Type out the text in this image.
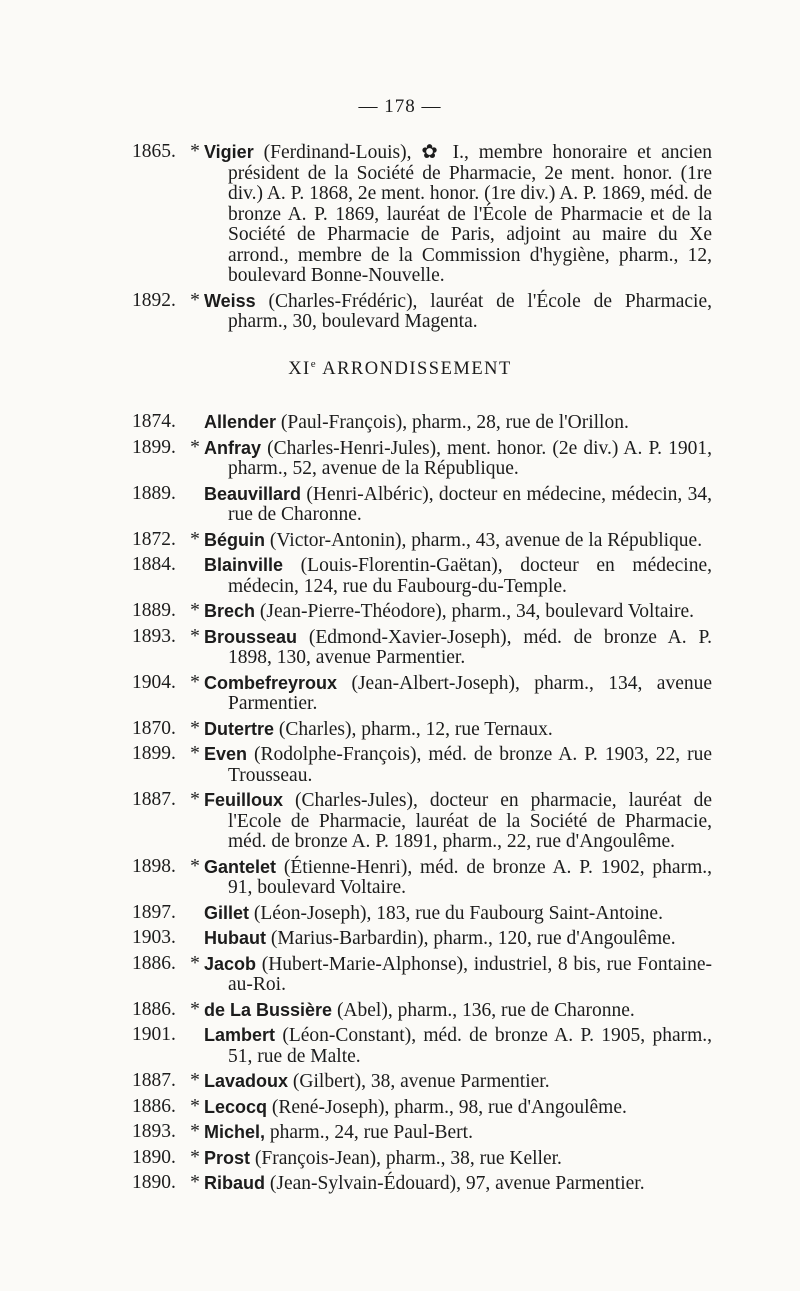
— 178 —
1865. * Vigier (Ferdinand-Louis), ✿ I., membre honoraire et ancien président de la Société de Pharmacie, 2e ment. honor. (1re div.) A. P. 1868, 2e ment. honor. (1re div.) A. P. 1869, méd. de bronze A. P. 1869, lauréat de l'École de Pharmacie et de la Société de Pharmacie de Paris, adjoint au maire du Xe arrond., membre de la Commission d'hygiène, pharm., 12, boulevard Bonne-Nouvelle.
1892. * Weiss (Charles-Frédéric), lauréat de l'École de Pharmacie, pharm., 30, boulevard Magenta.
XIe ARRONDISSEMENT
1874.	Allender (Paul-François), pharm., 28, rue de l'Orillon.
1899. * Anfray (Charles-Henri-Jules), ment. honor. (2e div.) A. P. 1901, pharm., 52, avenue de la République.
1889.	Beauvillard (Henri-Albéric), docteur en médecine, médecin, 34, rue de Charonne.
1872. * Béguin (Victor-Antonin), pharm., 43, avenue de la République.
1884.	Blainville (Louis-Florentin-Gaëtan), docteur en médecine, médecin, 124, rue du Faubourg-du-Temple.
1889. * Brech (Jean-Pierre-Théodore), pharm., 34, boulevard Voltaire.
1893. * Brousseau (Edmond-Xavier-Joseph), méd. de bronze A. P. 1898, 130, avenue Parmentier.
1904. * Combefreyroux (Jean-Albert-Joseph), pharm., 134, avenue Parmentier.
1870. * Dutertre (Charles), pharm., 12, rue Ternaux.
1899. * Even (Rodolphe-François), méd. de bronze A. P. 1903, 22, rue Trousseau.
1887. * Feuilloux (Charles-Jules), docteur en pharmacie, lauréat de l'Ecole de Pharmacie, lauréat de la Société de Pharmacie, méd. de bronze A. P. 1891, pharm., 22, rue d'Angoulême.
1898. * Gantelet (Étienne-Henri), méd. de bronze A. P. 1902, pharm., 91, boulevard Voltaire.
1897.	Gillet (Léon-Joseph), 183, rue du Faubourg Saint-Antoine.
1903.	Hubaut (Marius-Barbardin), pharm., 120, rue d'Angoulême.
1886. * Jacob (Hubert-Marie-Alphonse), industriel, 8 bis, rue Fontaine-au-Roi.
1886. * de La Bussière (Abel), pharm., 136, rue de Charonne.
1901.	Lambert (Léon-Constant), méd. de bronze A. P. 1905, pharm., 51, rue de Malte.
1887. * Lavadoux (Gilbert), 38, avenue Parmentier.
1886. * Lecocq (René-Joseph), pharm., 98, rue d'Angoulême.
1893. * Michel, pharm., 24, rue Paul-Bert.
1890. * Prost (François-Jean), pharm., 38, rue Keller.
1890. * Ribaud (Jean-Sylvain-Édouard), 97, avenue Parmentier.
